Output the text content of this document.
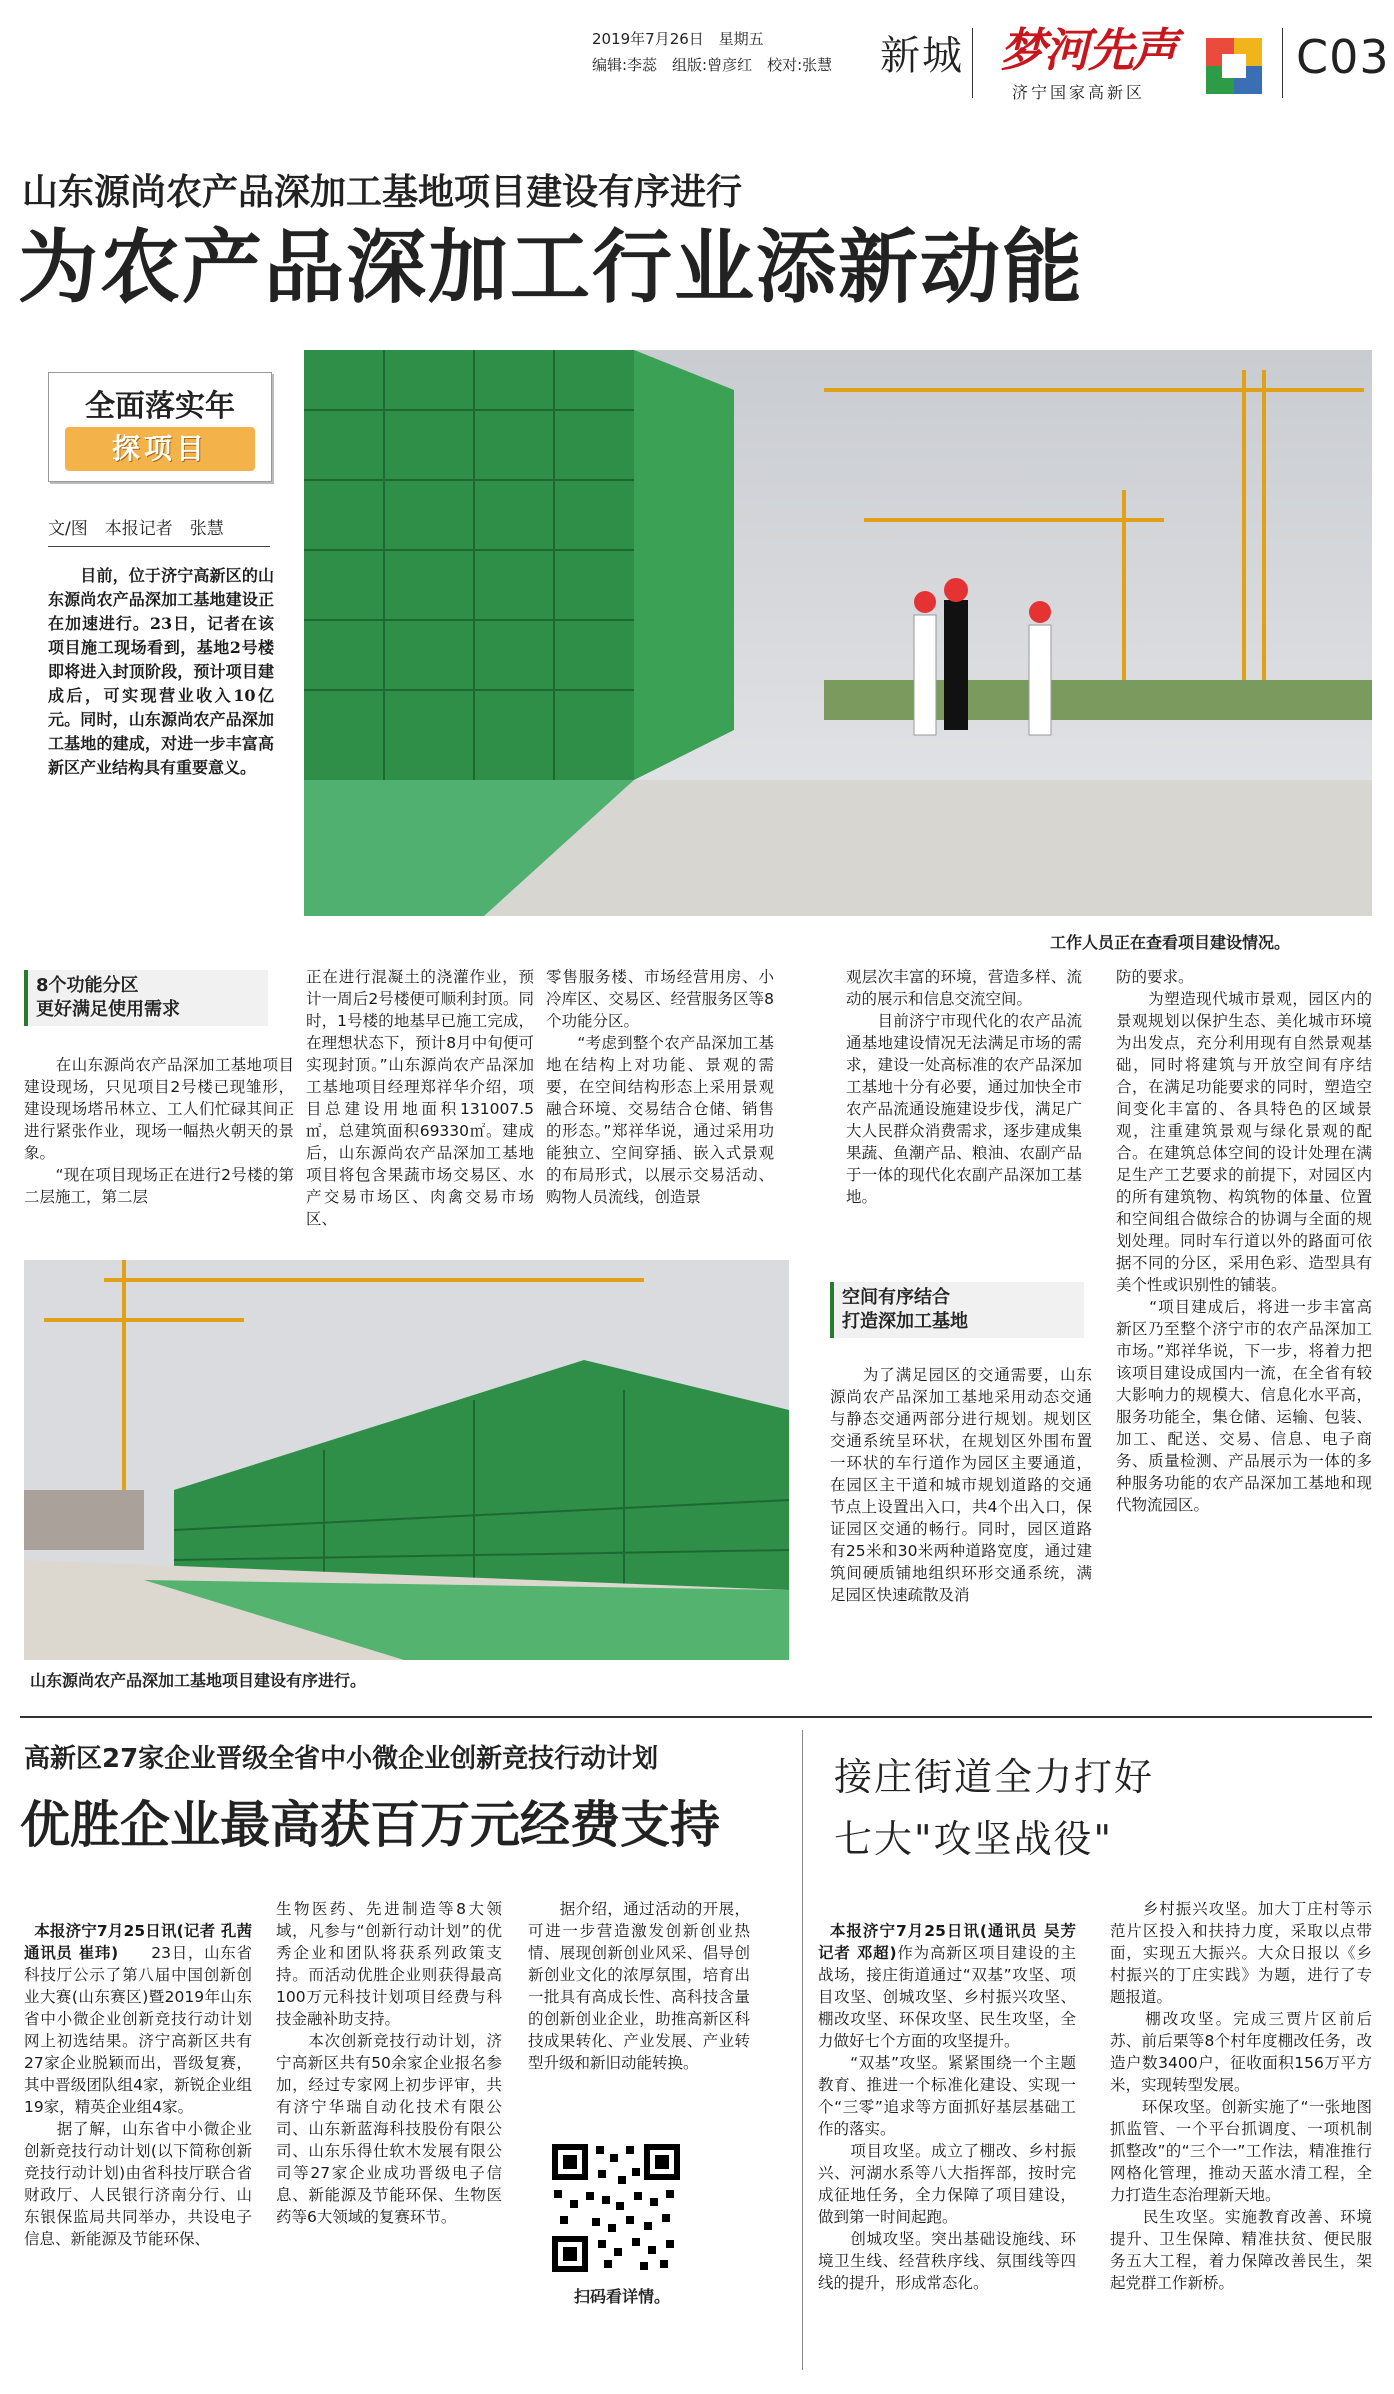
2019年7月26日 星期五
编辑:李蕊　组版:曾彦红　校对:张慧 新城 梦河先声
济宁国家高新区
C03
山东源尚农产品深加工基地项目建设有序进行
为农产品深加工行业添新动能
全面落实年
探项目
文/图　本报记者　张慧
　　目前，位于济宁高新区的山东源尚农产品深加工基地建设正在加速进行。23日，记者在该项目施工现场看到，基地2号楼即将进入封顶阶段，预计项目建成后，可实现营业收入10亿元。同时，山东源尚农产品深加工基地的建成，对进一步丰富高新区产业结构具有重要意义。
工作人员正在查看项目建设情况。
8个功能分区
更好满足使用需求
　　在山东源尚农产品深加工基地项目建设现场，只见项目2号楼已现雏形，建设现场塔吊林立、工人们忙碌其间正进行紧张作业，现场一幅热火朝天的景象。
　　“现在项目现场正在进行2号楼的第二层施工，第二层
正在进行混凝土的浇灌作业，预计一周后2号楼便可顺利封顶。同时，1号楼的地基早已施工完成，在理想状态下，预计8月中旬便可实现封顶。”山东源尚农产品深加工基地项目经理郑祥华介绍，项目总建设用地面积131007.5㎡，总建筑面积69330㎡。建成后，山东源尚农产品深加工基地项目将包含果蔬市场交易区、水产交易市场区、肉禽交易市场区、
零售服务楼、市场经营用房、小冷库区、交易区、经营服务区等8个功能分区。
　　“考虑到整个农产品深加工基地在结构上对功能、景观的需要，在空间结构形态上采用景观融合环境、交易结合仓储、销售的形态。”郑祥华说，通过采用功能独立、空间穿插、嵌入式景观的布局形式，以展示交易活动、购物人员流线，创造景
观层次丰富的环境，营造多样、流动的展示和信息交流空间。
　　目前济宁市现代化的农产品流通基地建设情况无法满足市场的需求，建设一处高标准的农产品深加工基地十分有必要，通过加快全市农产品流通设施建设步伐，满足广大人民群众消费需求，逐步建成集果蔬、鱼潮产品、粮油、农副产品于一体的现代化农副产品深加工基地。
山东源尚农产品深加工基地项目建设有序进行。
空间有序结合
打造深加工基地
　　为了满足园区的交通需要，山东源尚农产品深加工基地采用动态交通与静态交通两部分进行规划。规划区交通系统呈环状，在规划区外围布置一环状的车行道作为园区主要通道，在园区主干道和城市规划道路的交通节点上设置出入口，共4个出入口，保证园区交通的畅行。同时，园区道路有25米和30米两种道路宽度，通过建筑间硬质铺地组织环形交通系统，满足园区快速疏散及消
防的要求。
　　为塑造现代城市景观，园区内的景观规划以保护生态、美化城市环境为出发点，充分利用现有自然景观基础，同时将建筑与开放空间有序结合，在满足功能要求的同时，塑造空间变化丰富的、各具特色的区域景观，注重建筑景观与绿化景观的配合。在建筑总体空间的设计处理在满足生产工艺要求的前提下，对园区内的所有建筑物、构筑物的体量、位置和空间组合做综合的协调与全面的规划处理。同时车行道以外的路面可依据不同的分区，采用色彩、造型具有美个性或识别性的铺装。
　　“项目建成后，将进一步丰富高新区乃至整个济宁市的农产品深加工市场。”郑祥华说，下一步，将着力把该项目建设成国内一流，在全省有较大影响力的规模大、信息化水平高，服务功能全，集仓储、运输、包装、加工、配送、交易、信息、电子商务、质量检测、产品展示为一体的多种服务功能的农产品深加工基地和现代物流园区。
高新区27家企业晋级全省中小微企业创新竞技行动计划
优胜企业最高获百万元经费支持

本报济宁7月25日讯(记者 孔茜 通讯员 崔玮)　　23日，山东省科技厅公示了第八届中国创新创业大赛(山东赛区)暨2019年山东省中小微企业创新竞技行动计划网上初选结果。济宁高新区共有27家企业脱颖而出，晋级复赛，其中晋级团队组4家，新锐企业组19家，精英企业组4家。
　　据了解，山东省中小微企业创新竞技行动计划(以下简称创新竞技行动计划)由省科技厅联合省财政厅、人民银行济南分行、山东银保监局共同举办，共设电子信息、新能源及节能环保、

生物医药、先进制造等8大领域，凡参与“创新行动计划”的优秀企业和团队将获系列政策支持。而活动优胜企业则获得最高100万元科技计划项目经费与科技金融补助支持。
　　本次创新竞技行动计划，济宁高新区共有50余家企业报名参加，经过专家网上初步评审，共有济宁华瑞自动化技术有限公司、山东新蓝海科技股份有限公司、山东乐得仕软木发展有限公司等27家企业成功晋级电子信息、新能源及节能环保、生物医药等6大领域的复赛环节。
　　据介绍，通过活动的开展，可进一步营造激发创新创业热情、展现创新创业风采、倡导创新创业文化的浓厚氛围，培育出一批具有高成长性、高科技含量的创新创业企业，助推高新区科技成果转化、产业发展、产业转型升级和新旧动能转换。
扫码看详情。
接庄街道全力打好
七大"攻坚战役"

本报济宁7月25日讯(通讯员 吴芳　记者 邓超)作为高新区项目建设的主战场，接庄街道通过“双基”攻坚、项目攻坚、创城攻坚、乡村振兴攻坚、棚改攻坚、环保攻坚、民生攻坚，全力做好七个方面的攻坚提升。
　　“双基”攻坚。紧紧围绕一个主题教育、推进一个标准化建设、实现一个“三零”追求等方面抓好基层基础工作的落实。
　　项目攻坚。成立了棚改、乡村振兴、河湖水系等八大指挥部，按时完成征地任务，全力保障了项目建设，做到第一时间起跑。
　　创城攻坚。突出基础设施线、环境卫生线、经营秩序线、氛围线等四线的提升，形成常态化。

　　乡村振兴攻坚。加大丁庄村等示范片区投入和扶持力度，采取以点带面，实现五大振兴。大众日报以《乡村振兴的丁庄实践》为题，进行了专题报道。
　　棚改攻坚。完成三贾片区前后苏、前后栗等8个村年度棚改任务，改造户数3400户，征收面积156万平方米，实现转型发展。
　　环保攻坚。创新实施了“一张地图抓监管、一个平台抓调度、一项机制抓整改”的“三个一”工作法，精准推行网格化管理，推动天蓝水清工程，全力打造生态治理新天地。
　　民生攻坚。实施教育改善、环境提升、卫生保障、精准扶贫、便民服务五大工程，着力保障改善民生，架起党群工作新桥。
